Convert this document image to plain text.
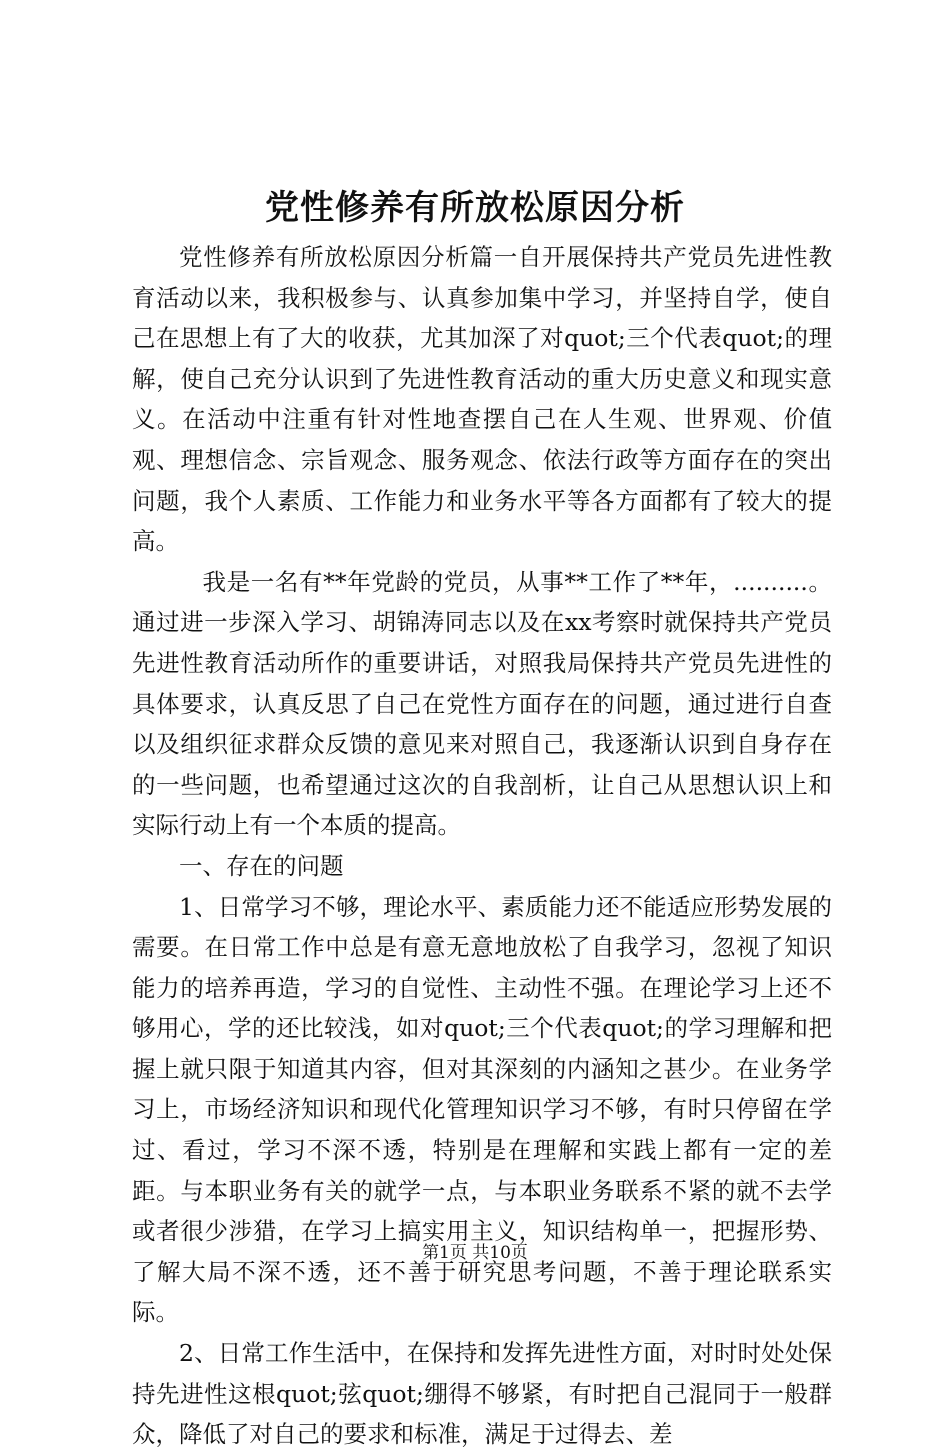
党性修养有所放松原因分析

党性修养有所放松原因分析篇一自开展保持共产党员先进性教育活动以来，我积极参与、认真参加集中学习，并坚持自学，使自己在思想上有了大的收获，尤其加深了对quot;三个代表quot;的理解，使自己充分认识到了先进性教育活动的重大历史意义和现实意义。在活动中注重有针对性地查摆自己在人生观、世界观、价值观、理想信念、宗旨观念、服务观念、依法行政等方面存在的突出问题，我个人素质、工作能力和业务水平等各方面都有了较大的提高。

我是一名有**年党龄的党员，从事**工作了**年，..........。通过进一步深入学习、胡锦涛同志以及在xx考察时就保持共产党员先进性教育活动所作的重要讲话，对照我局保持共产党员先进性的具体要求，认真反思了自己在党性方面存在的问题，通过进行自查以及组织征求群众反馈的意见来对照自己，我逐渐认识到自身存在的一些问题，也希望通过这次的自我剖析，让自己从思想认识上和实际行动上有一个本质的提高。

一、存在的问题

1、日常学习不够，理论水平、素质能力还不能适应形势发展的需要。在日常工作中总是有意无意地放松了自我学习，忽视了知识能力的培养再造，学习的自觉性、主动性不强。在理论学习上还不够用心，学的还比较浅，如对quot;三个代表quot;的学习理解和把握上就只限于知道其内容，但对其深刻的内涵知之甚少。在业务学习上，市场经济知识和现代化管理知识学习不够，有时只停留在学过、看过，学习不深不透，特别是在理解和实践上都有一定的差距。与本职业务有关的就学一点，与本职业务联系不紧的就不去学或者很少涉猎，在学习上搞实用主义，知识结构单一，把握形势、了解大局不深不透，还不善于研究思考问题，不善于理论联系实际。

2、日常工作生活中，在保持和发挥先进性方面，对时时处处保持先进性这根quot;弦quot;绷得不够紧，有时把自己混同于一般群众，降低了对自己的要求和标准，满足于过得去、差

第1页 共10页
